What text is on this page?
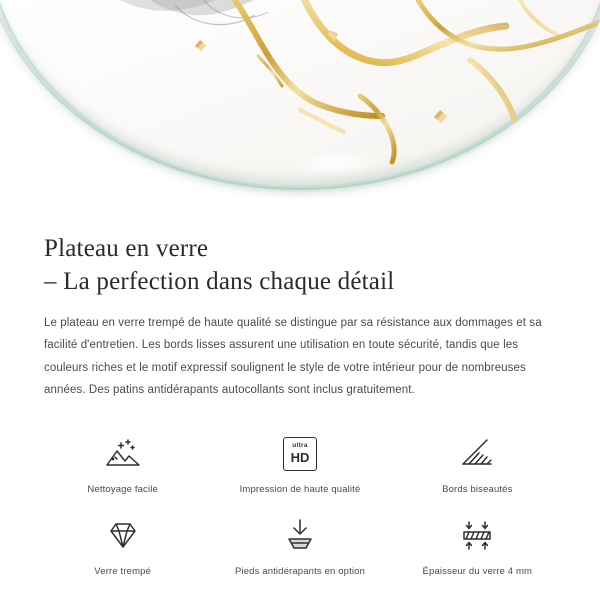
Plateau en verre
– La perfection dans chaque détail

Le plateau en verre trempé de haute qualité se distingue par sa résistance aux dommages et sa facilité d'entretien. Les bords lisses assurent une utilisation en toute sécurité, tandis que les couleurs riches et le motif expressif soulignent le style de votre intérieur pour de nombreuses années. Des patins antidérapants autocollants sont inclus gratuitement.

Nettoyage facile
ultra
HD
Impression de haute qualité	Bords biseautés
Verre trempé	Pieds antidérapants en option	Épaisseur du verre 4 mm
